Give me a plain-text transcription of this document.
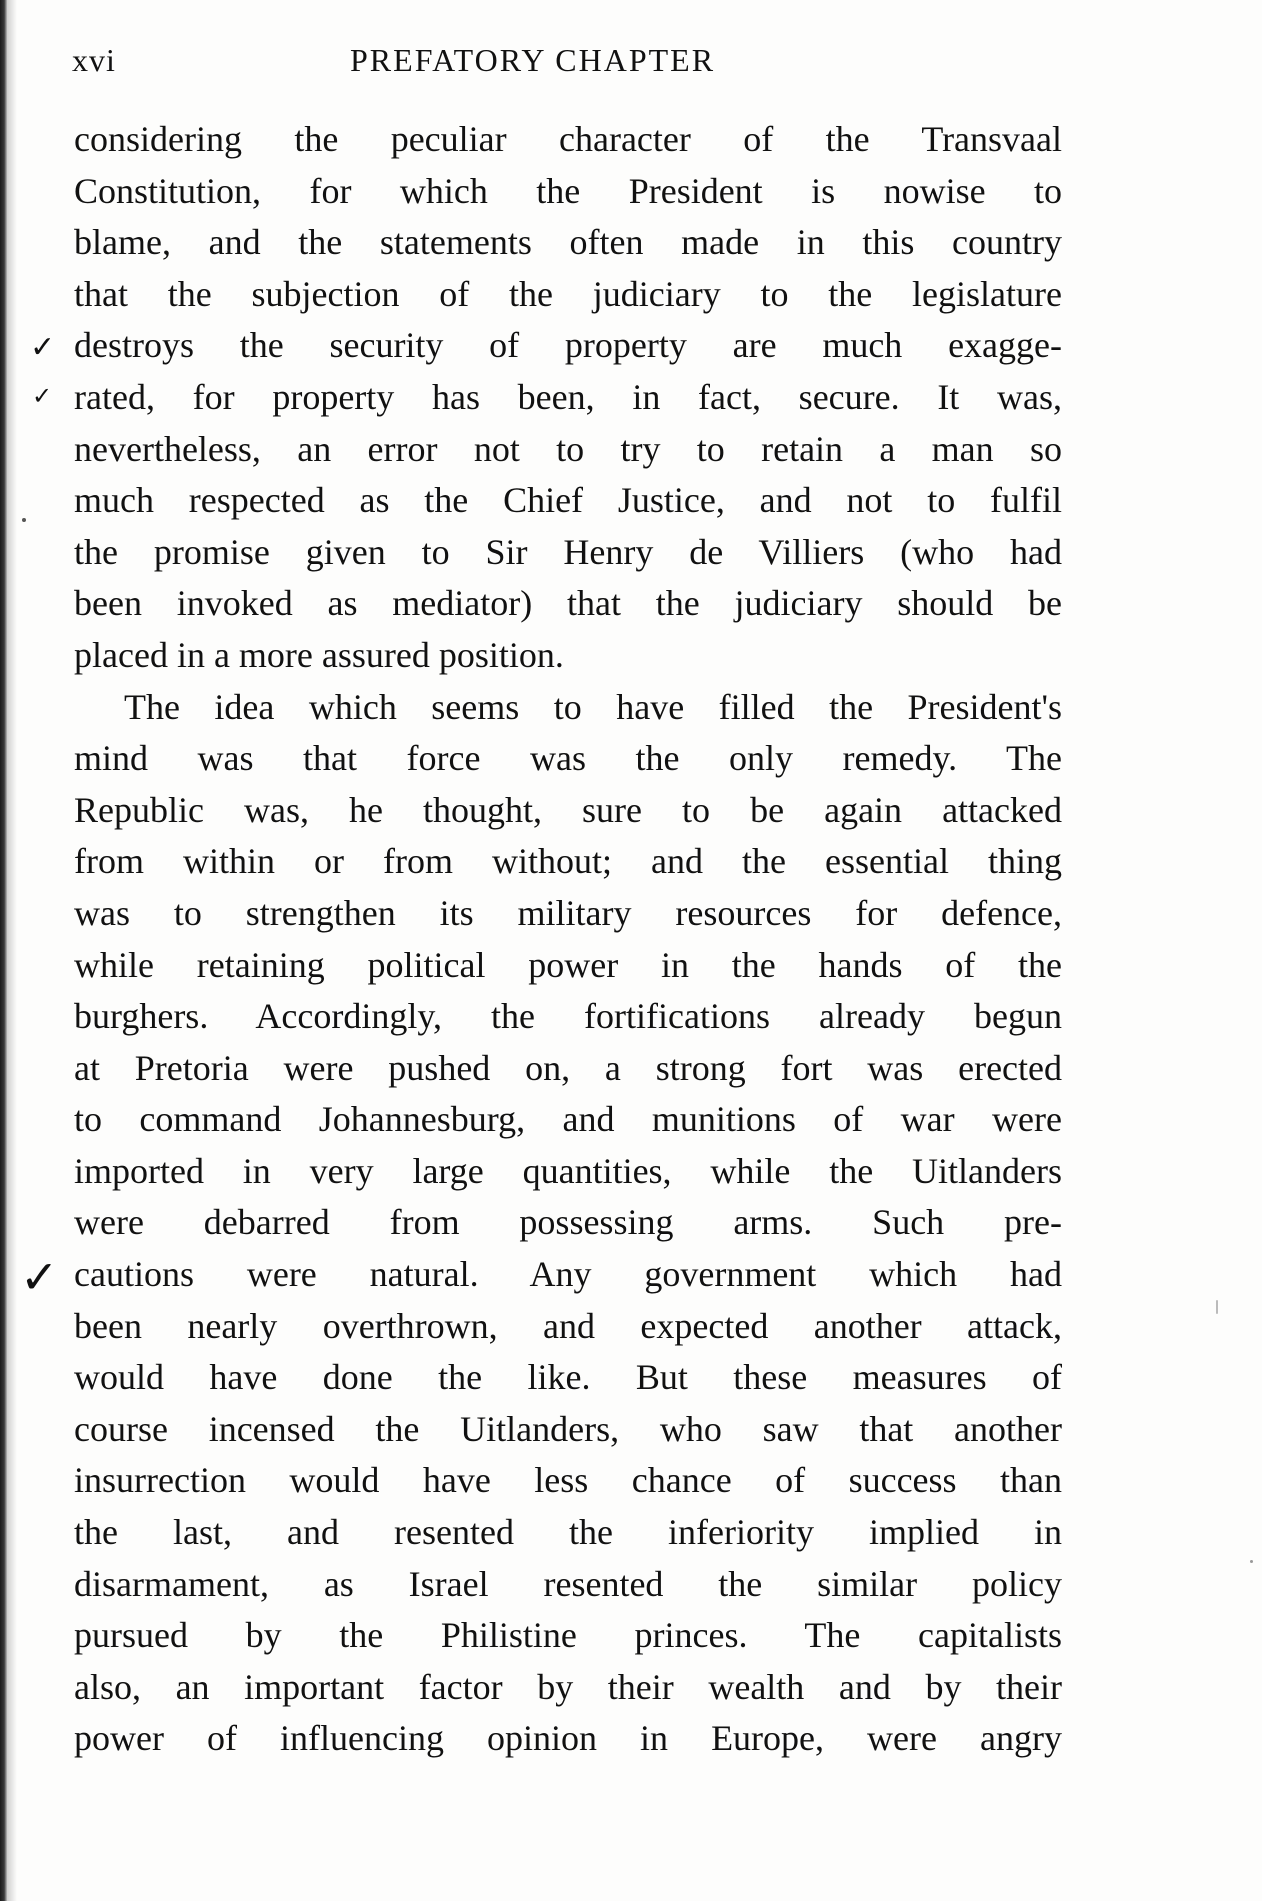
xvi	PREFATORY CHAPTER
✓
✓
✓
considering the peculiar character of the Transvaal
Constitution, for which the President is nowise to
blame, and the statements often made in this country
that the subjection of the judiciary to the legislature
destroys the security of property are much exagge-
rated, for property has been, in fact, secure. It was,
nevertheless, an error not to try to retain a man so
much respected as the Chief Justice, and not to fulfil
the promise given to Sir Henry de Villiers (who had
been invoked as mediator) that the judiciary should be
placed in a more assured position.
The idea which seems to have filled the President's
mind was that force was the only remedy. The
Republic was, he thought, sure to be again attacked
from within or from without; and the essential thing
was to strengthen its military resources for defence,
while retaining political power in the hands of the
burghers. Accordingly, the fortifications already begun
at Pretoria were pushed on, a strong fort was erected
to command Johannesburg, and munitions of war were
imported in very large quantities, while the Uitlanders
were debarred from possessing arms. Such pre-
cautions were natural. Any government which had
been nearly overthrown, and expected another attack,
would have done the like. But these measures of
course incensed the Uitlanders, who saw that another
insurrection would have less chance of success than
the last, and resented the inferiority implied in
disarmament, as Israel resented the similar policy
pursued by the Philistine princes. The capitalists
also, an important factor by their wealth and by their
power of influencing opinion in Europe, were angry
